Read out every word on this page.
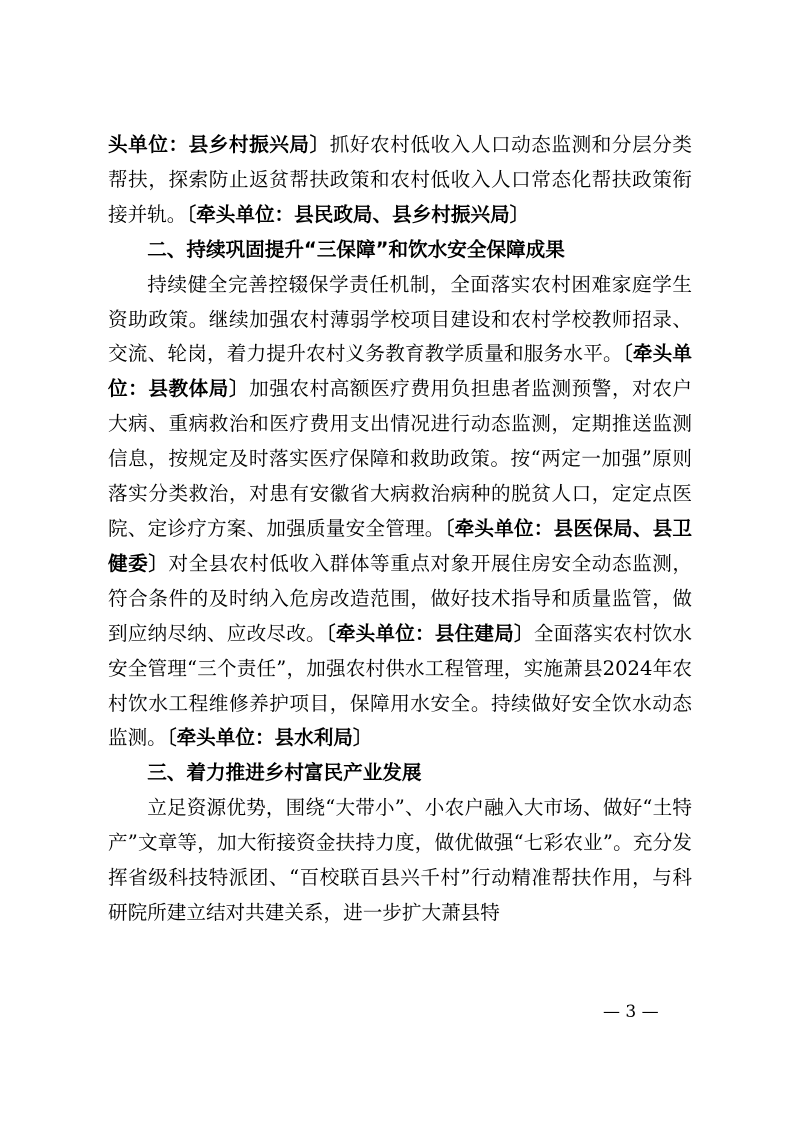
头单位：县乡村振兴局〕抓好农村低收入人口动态监测和分层分类帮扶，探索防止返贫帮扶政策和农村低收入人口常态化帮扶政策衔接并轨。〔牵头单位：县民政局、县乡村振兴局〕

二、持续巩固提升“三保障”和饮水安全保障成果

持续健全完善控辍保学责任机制，全面落实农村困难家庭学生资助政策。继续加强农村薄弱学校项目建设和农村学校教师招录、交流、轮岗，着力提升农村义务教育教学质量和服务水平。〔牵头单位：县教体局〕加强农村高额医疗费用负担患者监测预警，对农户大病、重病救治和医疗费用支出情况进行动态监测，定期推送监测信息，按规定及时落实医疗保障和救助政策。按“两定一加强”原则落实分类救治，对患有安徽省大病救治病种的脱贫人口，定定点医院、定诊疗方案、加强质量安全管理。〔牵头单位：县医保局、县卫健委〕对全县农村低收入群体等重点对象开展住房安全动态监测，符合条件的及时纳入危房改造范围，做好技术指导和质量监管，做到应纳尽纳、应改尽改。〔牵头单位：县住建局〕全面落实农村饮水安全管理“三个责任”，加强农村供水工程管理，实施萧县2024年农村饮水工程维修养护项目，保障用水安全。持续做好安全饮水动态监测。〔牵头单位：县水利局〕

三、着力推进乡村富民产业发展

立足资源优势，围绕“大带小”、小农户融入大市场、做好“土特产”文章等，加大衔接资金扶持力度，做优做强“七彩农业”。充分发挥省级科技特派团、“百校联百县兴千村”行动精准帮扶作用，与科研院所建立结对共建关系，进一步扩大萧县特

— 3 —
